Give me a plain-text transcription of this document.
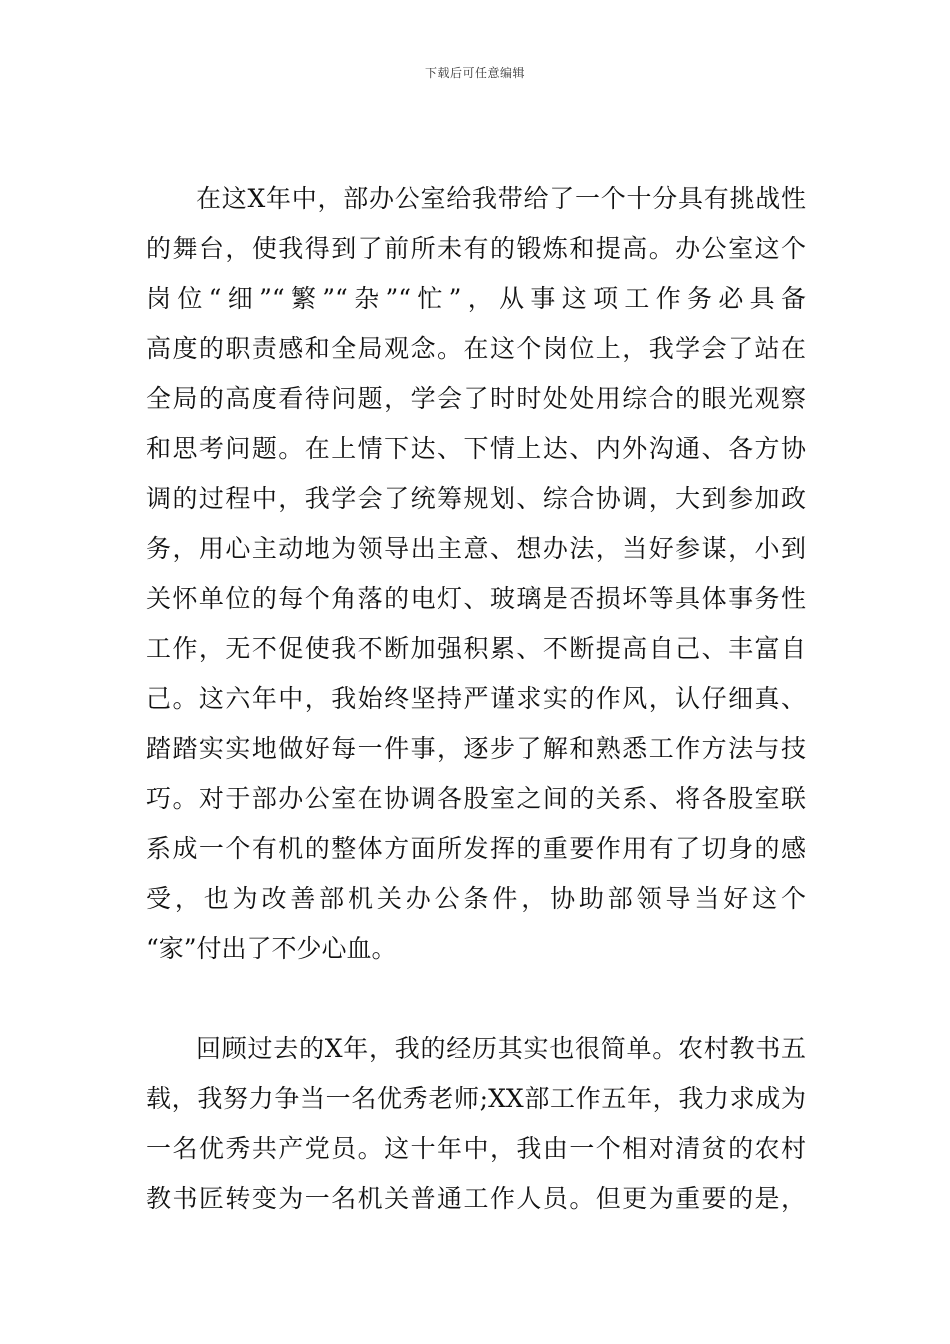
下载后可任意编辑
在这X年中，部办公室给我带给了一个十分具有挑战性
的舞台，使我得到了前所未有的锻炼和提高。办公室这个
岗位“细”“繁”“杂”“忙”，从事这项工作务必具备
高度的职责感和全局观念。在这个岗位上，我学会了站在
全局的高度看待问题，学会了时时处处用综合的眼光观察
和思考问题。在上情下达、下情上达、内外沟通、各方协
调的过程中，我学会了统筹规划、综合协调，大到参加政
务，用心主动地为领导出主意、想办法，当好参谋，小到
关怀单位的每个角落的电灯、玻璃是否损坏等具体事务性
工作，无不促使我不断加强积累、不断提高自己、丰富自
己。这六年中，我始终坚持严谨求实的作风，认仔细真、
踏踏实实地做好每一件事，逐步了解和熟悉工作方法与技
巧。对于部办公室在协调各股室之间的关系、将各股室联
系成一个有机的整体方面所发挥的重要作用有了切身的感
受，也为改善部机关办公条件，协助部领导当好这个
“家”付出了不少心血。
回顾过去的X年，我的经历其实也很简单。农村教书五
载，我努力争当一名优秀老师;XX部工作五年，我力求成为
一名优秀共产党员。这十年中，我由一个相对清贫的农村
教书匠转变为一名机关普通工作人员。但更为重要的是，
